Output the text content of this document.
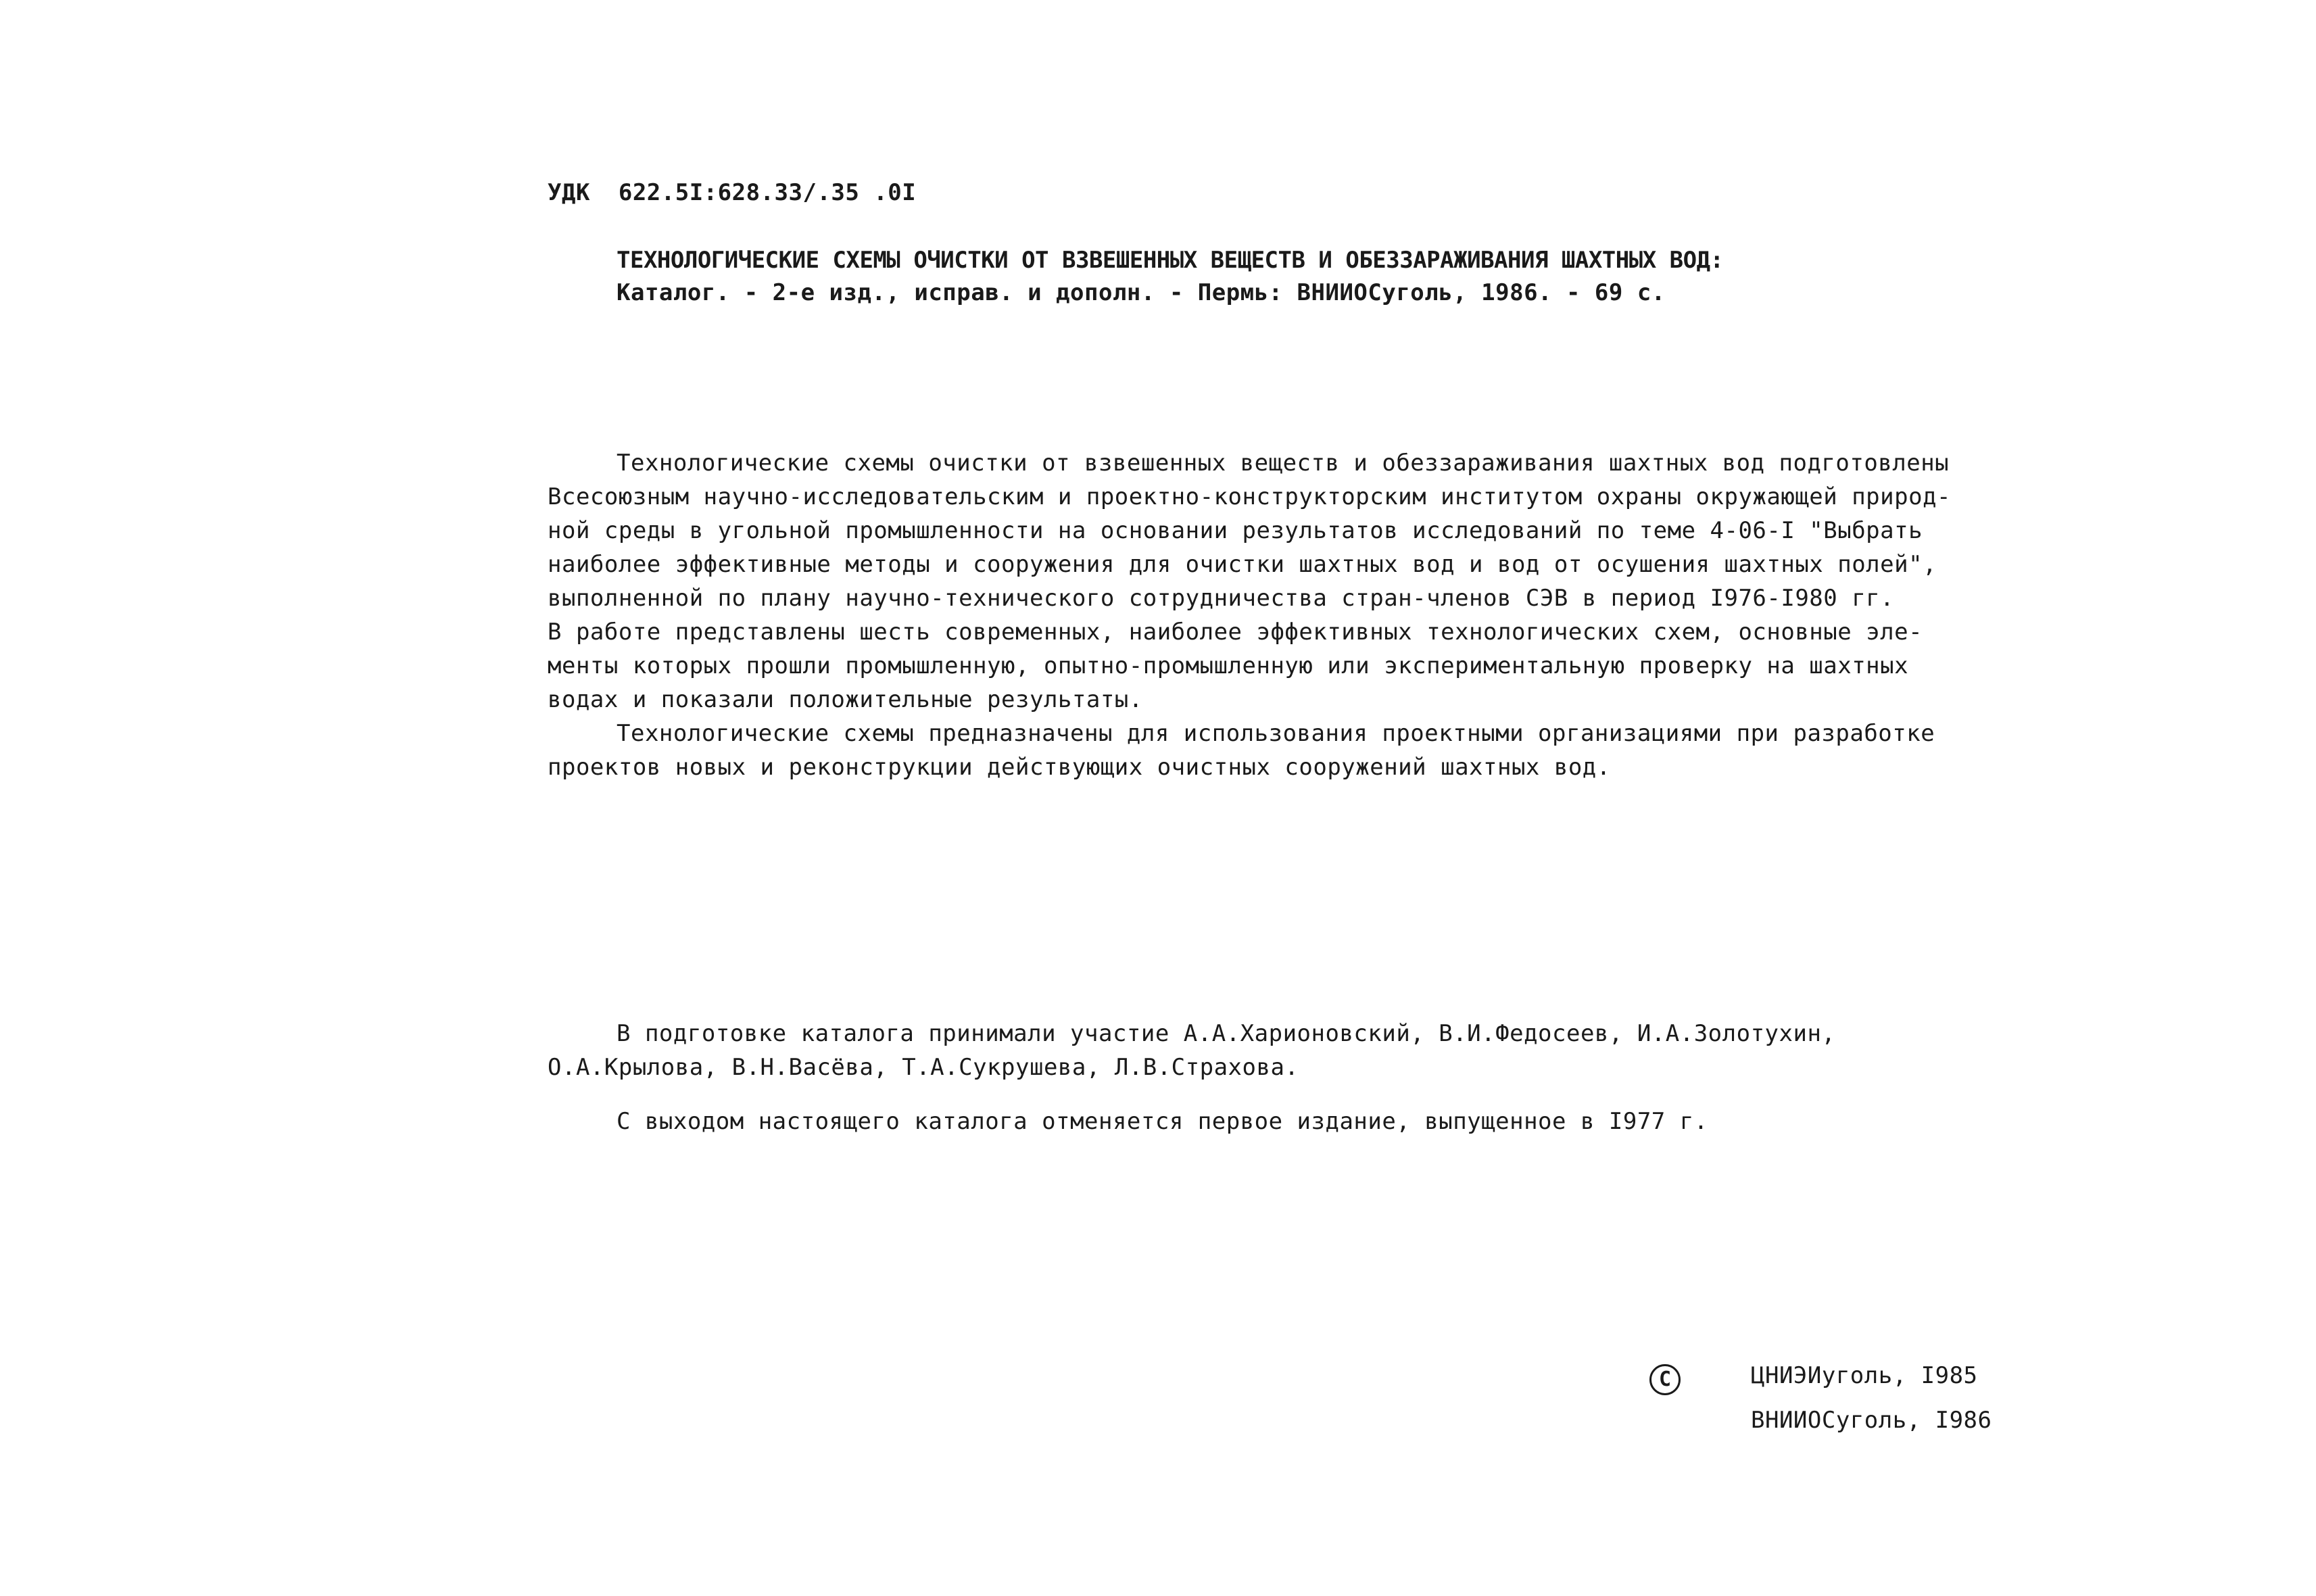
УДК  622.5I:628.33/.35 .0I
ТЕХНОЛОГИЧЕСКИЕ СХЕМЫ ОЧИСТКИ ОТ ВЗВЕШЕННЫХ ВЕЩЕСТВ И ОБЕЗЗАРАЖИВАНИЯ ШАХТНЫХ ВОД:
Каталог. - 2-е изд., исправ. и дополн. - Пермь: ВНИИОСуголь, 1986. - 69 с.
Технологические схемы очистки от взвешенных веществ и обеззараживания шахтных вод подготовлены
Всесоюзным научно-исследовательским и проектно-конструкторским институтом охраны окружающей природ-
ной среды в угольной промышленности на основании результатов исследований по теме 4-06-I "Выбрать
наиболее эффективные методы и сооружения для очистки шахтных вод и вод от осушения шахтных полей",
выполненной по плану научно-технического сотрудничества стран-членов СЭВ в период I976-I980 гг.
В работе представлены шесть современных, наиболее эффективных технологических схем, основные эле-
менты которых прошли промышленную, опытно-промышленную или экспериментальную проверку на шахтных
водах и показали положительные результаты.
Технологические схемы предназначены для использования проектными организациями при разработке
проектов новых и реконструкции действующих очистных сооружений шахтных вод.
В подготовке каталога принимали участие А.А.Харионовский, В.И.Федосеев, И.А.Золотухин,
О.А.Крылова, В.Н.Васёва, Т.А.Сукрушева, Л.В.Страхова.
С выходом настоящего каталога отменяется первое издание, выпущенное в I977 г.
C	ЦНИЭИуголь, I985
ВНИИОСуголь, I986
